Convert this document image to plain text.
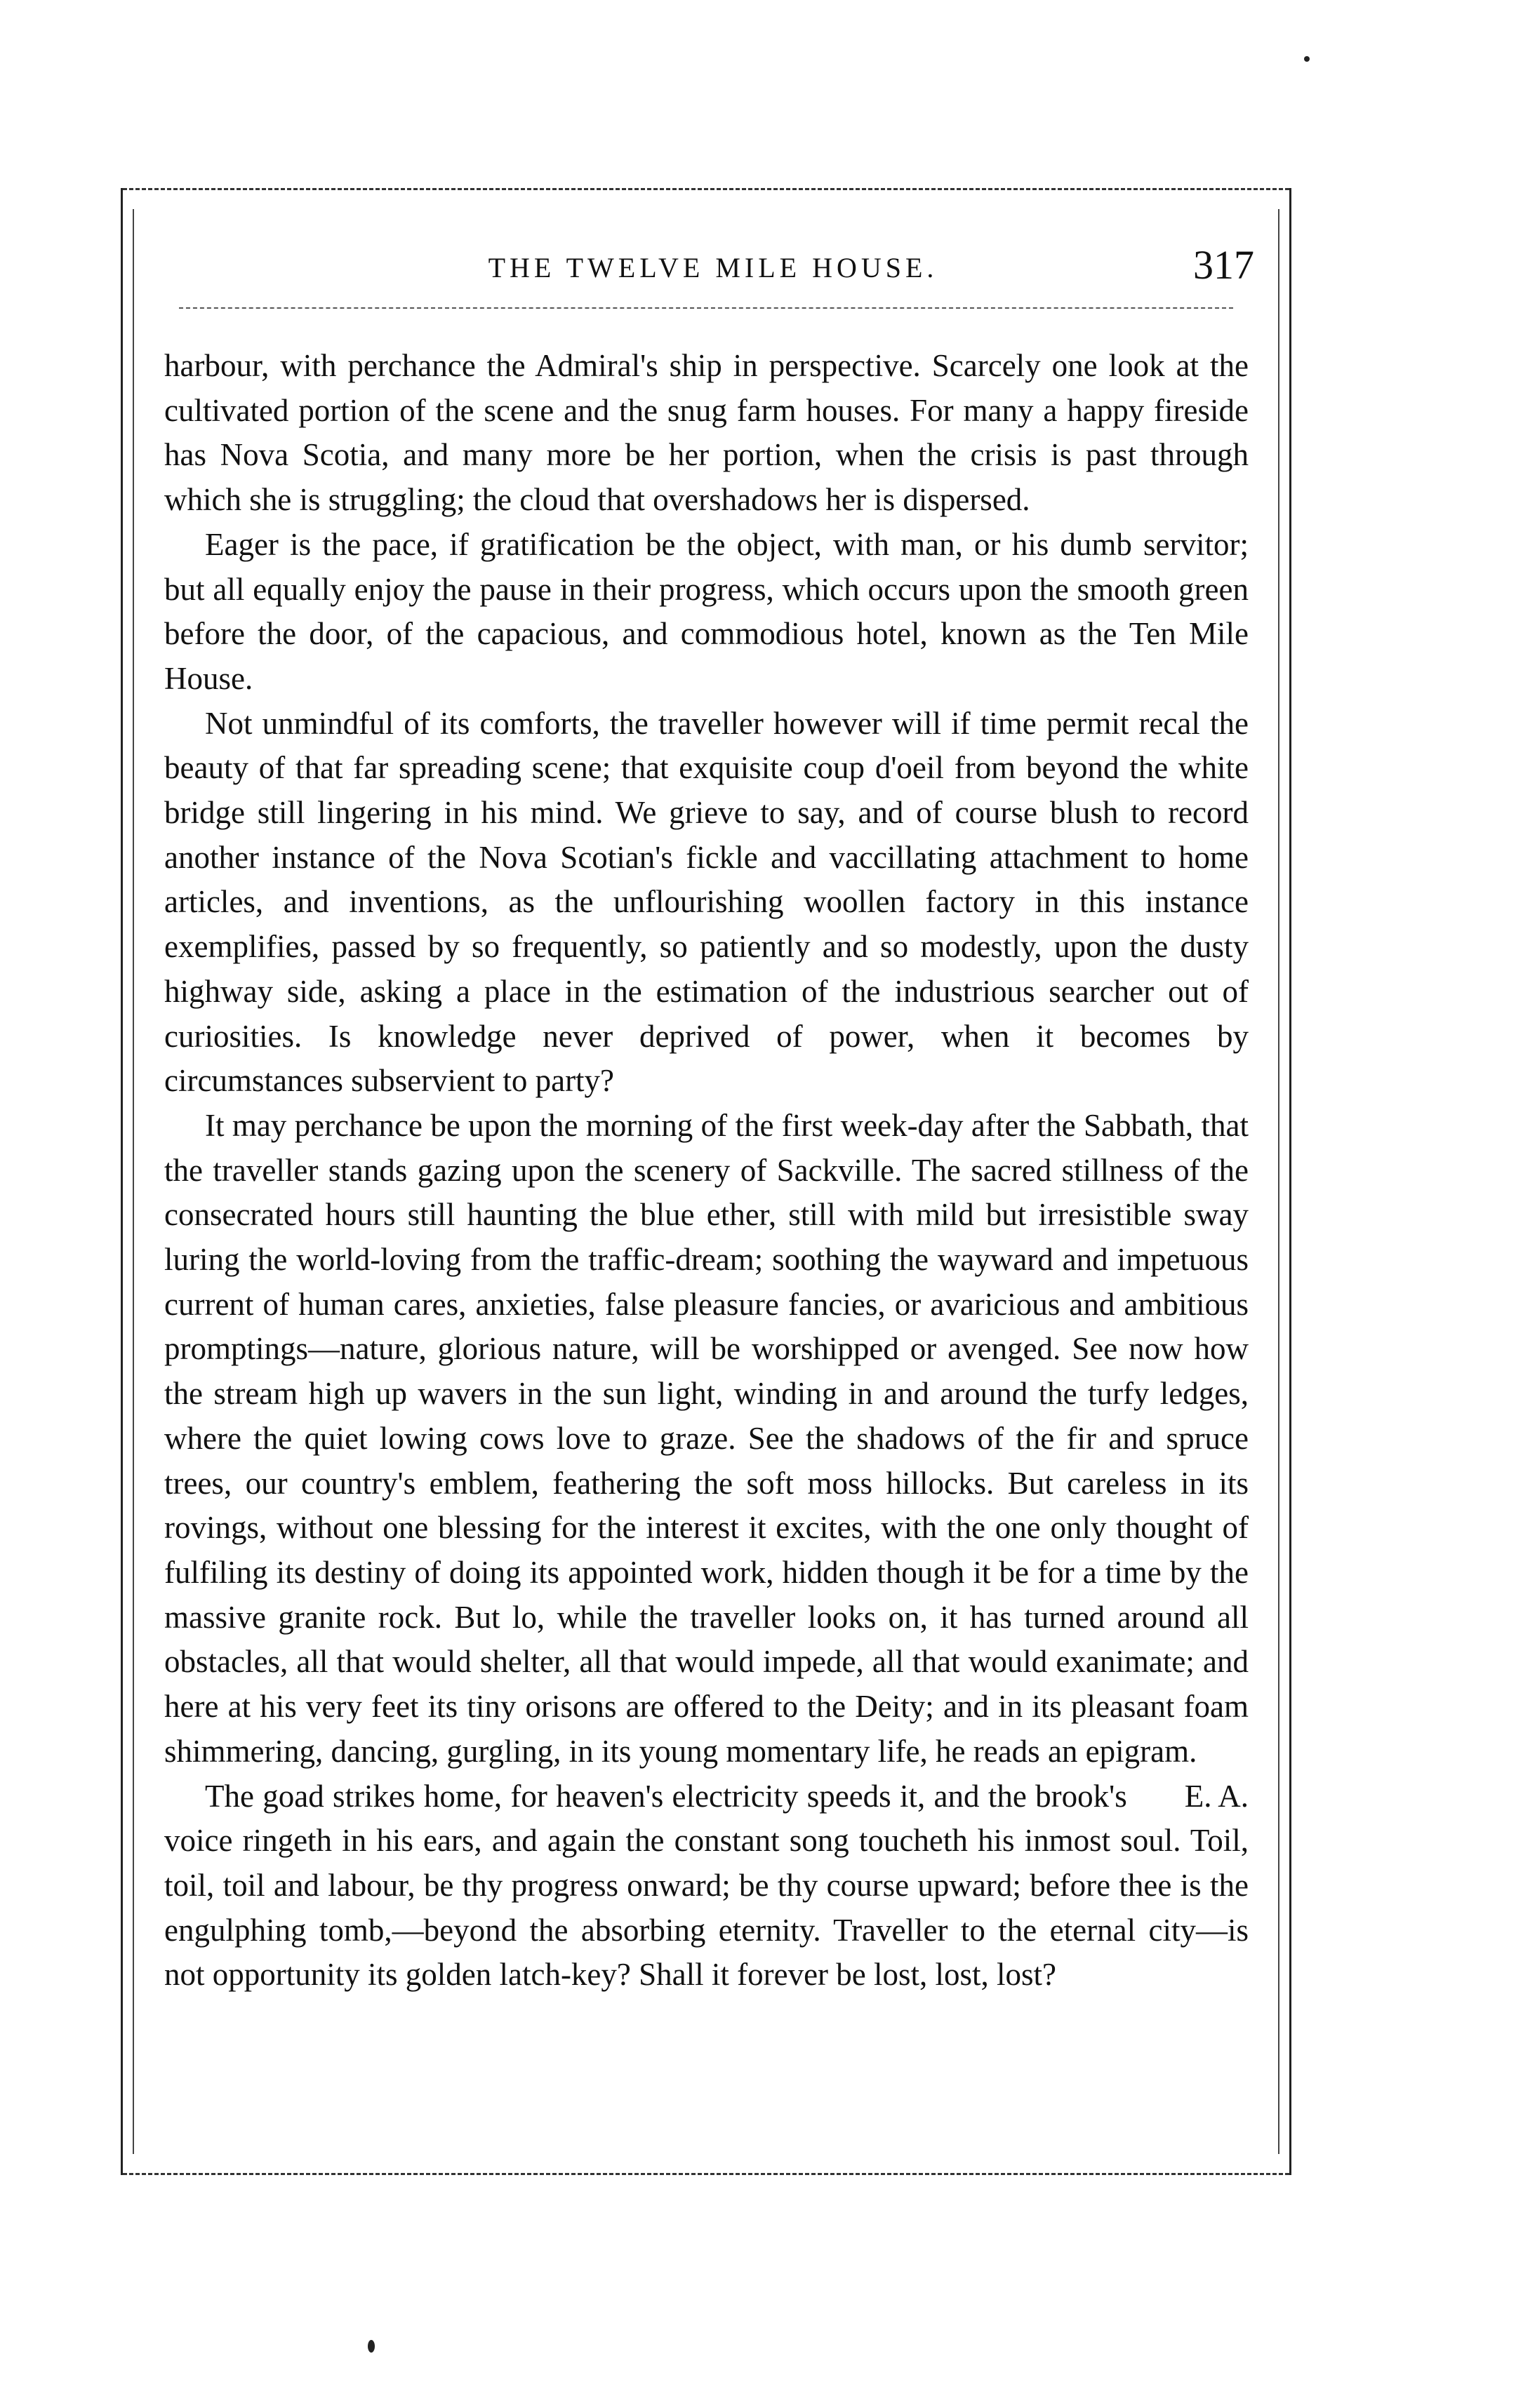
THE TWELVE MILE HOUSE.	317

harbour, with perchance the Admiral's ship in perspective. Scarcely one look at the cultivated portion of the scene and the snug farm houses. For many a happy fireside has Nova Scotia, and many more be her portion, when the crisis is past through which she is struggling; the cloud that overshadows her is dispersed.

Eager is the pace, if gratification be the object, with man, or his dumb servitor; but all equally enjoy the pause in their progress, which occurs upon the smooth green before the door, of the capacious, and commodious hotel, known as the Ten Mile House.

Not unmindful of its comforts, the traveller however will if time permit recal the beauty of that far spreading scene; that exquisite coup d'oeil from beyond the white bridge still lingering in his mind. We grieve to say, and of course blush to record another instance of the Nova Scotian's fickle and vaccillating attachment to home articles, and inventions, as the unflourishing woollen factory in this instance exemplifies, passed by so frequently, so patiently and so modestly, upon the dusty highway side, asking a place in the estimation of the industrious searcher out of curiosities. Is knowledge never deprived of power, when it becomes by circumstances subservient to party?

It may perchance be upon the morning of the first week-day after the Sabbath, that the traveller stands gazing upon the scenery of Sackville. The sacred stillness of the consecrated hours still haunting the blue ether, still with mild but irresistible sway luring the world-loving from the traffic-dream; soothing the wayward and impetuous current of human cares, anxieties, false pleasure fancies, or avaricious and ambitious promptings—nature, glorious nature, will be worshipped or avenged. See now how the stream high up wavers in the sun light, winding in and around the turfy ledges, where the quiet lowing cows love to graze. See the shadows of the fir and spruce trees, our country's emblem, feathering the soft moss hillocks. But careless in its rovings, without one blessing for the interest it excites, with the one only thought of fulfiling its destiny of doing its appointed work, hidden though it be for a time by the massive granite rock. But lo, while the traveller looks on, it has turned around all obstacles, all that would shelter, all that would impede, all that would exanimate; and here at his very feet its tiny orisons are offered to the Deity; and in its pleasant foam shimmering, dancing, gurgling, in its young momentary life, he reads an epigram.

E. A.
The goad strikes home, for heaven's electricity speeds it, and the brook's voice ringeth in his ears, and again the constant song toucheth his inmost soul. Toil, toil, toil and labour, be thy progress onward; be thy course upward; before thee is the engulphing tomb,—beyond the absorbing eternity. Traveller to the eternal city—is not opportunity its golden latch-key? Shall it forever be lost, lost, lost?
